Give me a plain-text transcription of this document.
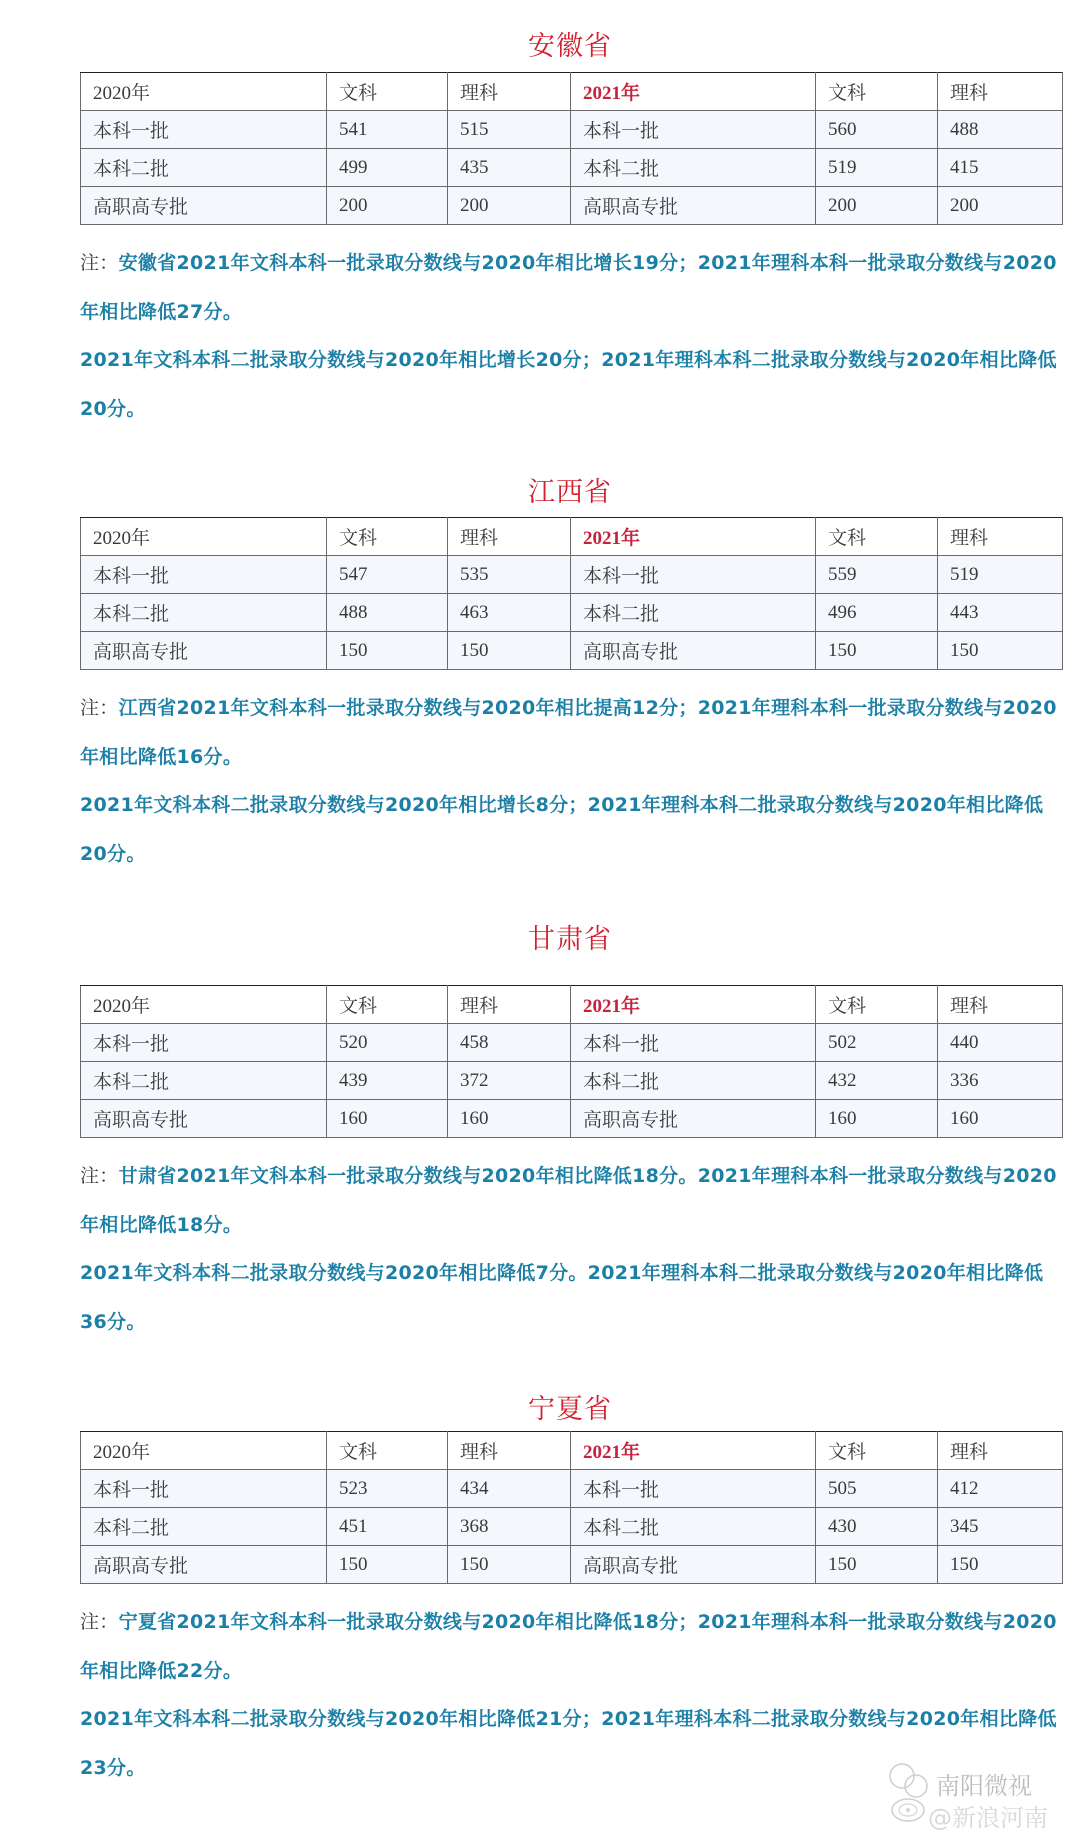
安徽省
2020年	文科	理科	2021年	文科	理科
本科一批	541	515	本科一批	560	488
本科二批	499	435	本科二批	519	415
高职高专批	200	200	高职高专批	200	200

注：安徽省2021年文科本科一批录取分数线与2020年相比增长19分；2021年理科本科一批录取分数线与2020年相比降低27分。

2021年文科本科二批录取分数线与2020年相比增长20分；2021年理科本科二批录取分数线与2020年相比降低20分。

江西省
2020年	文科	理科	2021年	文科	理科
本科一批	547	535	本科一批	559	519
本科二批	488	463	本科二批	496	443
高职高专批	150	150	高职高专批	150	150

注：江西省2021年文科本科一批录取分数线与2020年相比提高12分；2021年理科本科一批录取分数线与2020年相比降低16分。

2021年文科本科二批录取分数线与2020年相比增长8分；2021年理科本科二批录取分数线与2020年相比降低20分。

甘肃省
2020年	文科	理科	2021年	文科	理科
本科一批	520	458	本科一批	502	440
本科二批	439	372	本科二批	432	336
高职高专批	160	160	高职高专批	160	160

注：甘肃省2021年文科本科一批录取分数线与2020年相比降低18分。2021年理科本科一批录取分数线与2020年相比降低18分。

2021年文科本科二批录取分数线与2020年相比降低7分。2021年理科本科二批录取分数线与2020年相比降低36分。

宁夏省
2020年	文科	理科	2021年	文科	理科
本科一批	523	434	本科一批	505	412
本科二批	451	368	本科二批	430	345
高职高专批	150	150	高职高专批	150	150

注：宁夏省2021年文科本科一批录取分数线与2020年相比降低18分；2021年理科本科一批录取分数线与2020年相比降低22分。

2021年文科本科二批录取分数线与2020年相比降低21分；2021年理科本科二批录取分数线与2020年相比降低23分。

南阳微视
@新浪河南
